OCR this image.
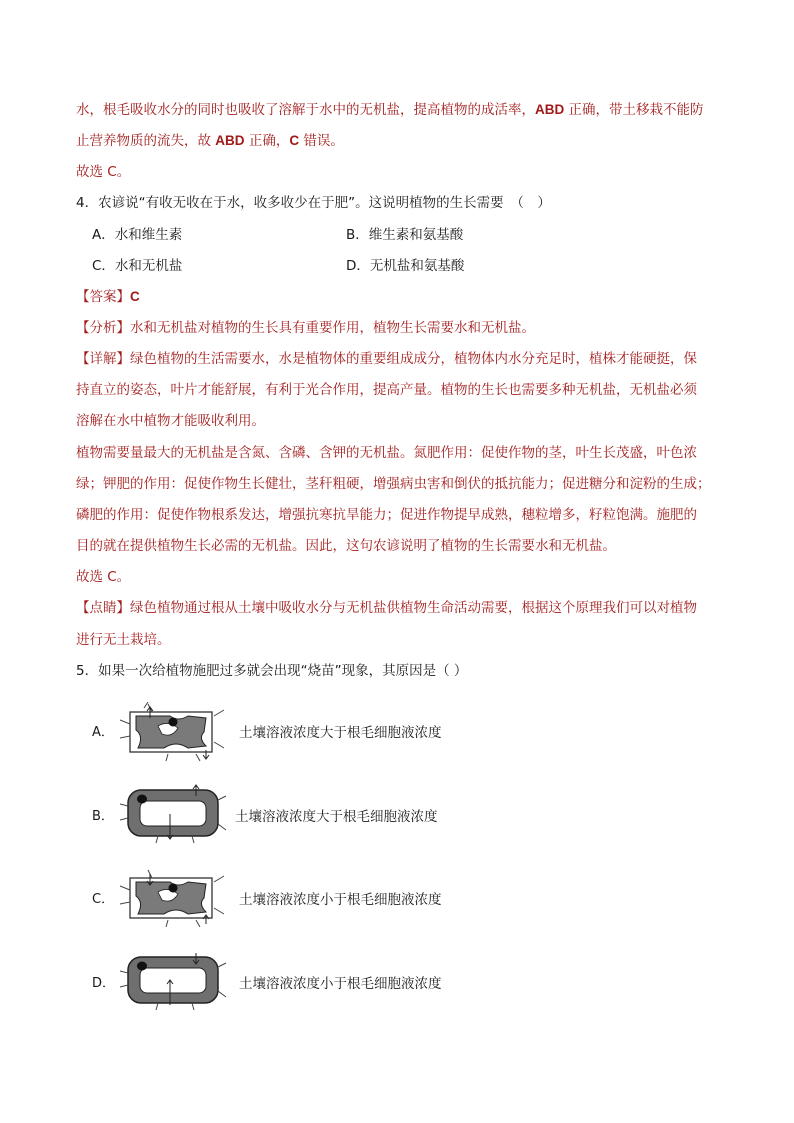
水，根毛吸收水分的同时也吸收了溶解于水中的无机盐，提高植物的成活率，ABD 正确，带土移栽不能防
止营养物质的流失，故 ABD 正确，C 错误。
故选 C。
4．农谚说“有收无收在于水，收多收少在于肥”。这说明植物的生长需要　（　）
A．水和维生素	B．维生素和氨基酸
C．水和无机盐	D．无机盐和氨基酸
【答案】C
【分析】水和无机盐对植物的生长具有重要作用，植物生长需要水和无机盐。
【详解】绿色植物的生活需要水，水是植物体的重要组成成分，植物体内水分充足时，植株才能硬挺，保
持直立的姿态，叶片才能舒展，有利于光合作用，提高产量。植物的生长也需要多种无机盐，无机盐必须
溶解在水中植物才能吸收利用。
植物需要量最大的无机盐是含氮、含磷、含钾的无机盐。氮肥作用：促使作物的茎，叶生长茂盛，叶色浓
绿；钾肥的作用：促使作物生长健壮，茎秆粗硬，增强病虫害和倒伏的抵抗能力；促进糖分和淀粉的生成；
磷肥的作用：促使作物根系发达，增强抗寒抗旱能力；促进作物提早成熟，穗粒增多，籽粒饱满。施肥的
目的就在提供植物生长必需的无机盐。因此，这句农谚说明了植物的生长需要水和无机盐。
故选 C。
【点睛】绿色植物通过根从土壤中吸收水分与无机盐供植物生命活动需要，根据这个原理我们可以对植物
进行无土栽培。
5．如果一次给植物施肥过多就会出现“烧苗”现象，其原因是（ ）
A．	土壤溶液浓度大于根毛细胞液浓度
B．	土壤溶液浓度大于根毛细胞液浓度
C．	土壤溶液浓度小于根毛细胞液浓度
D．	土壤溶液浓度小于根毛细胞液浓度
